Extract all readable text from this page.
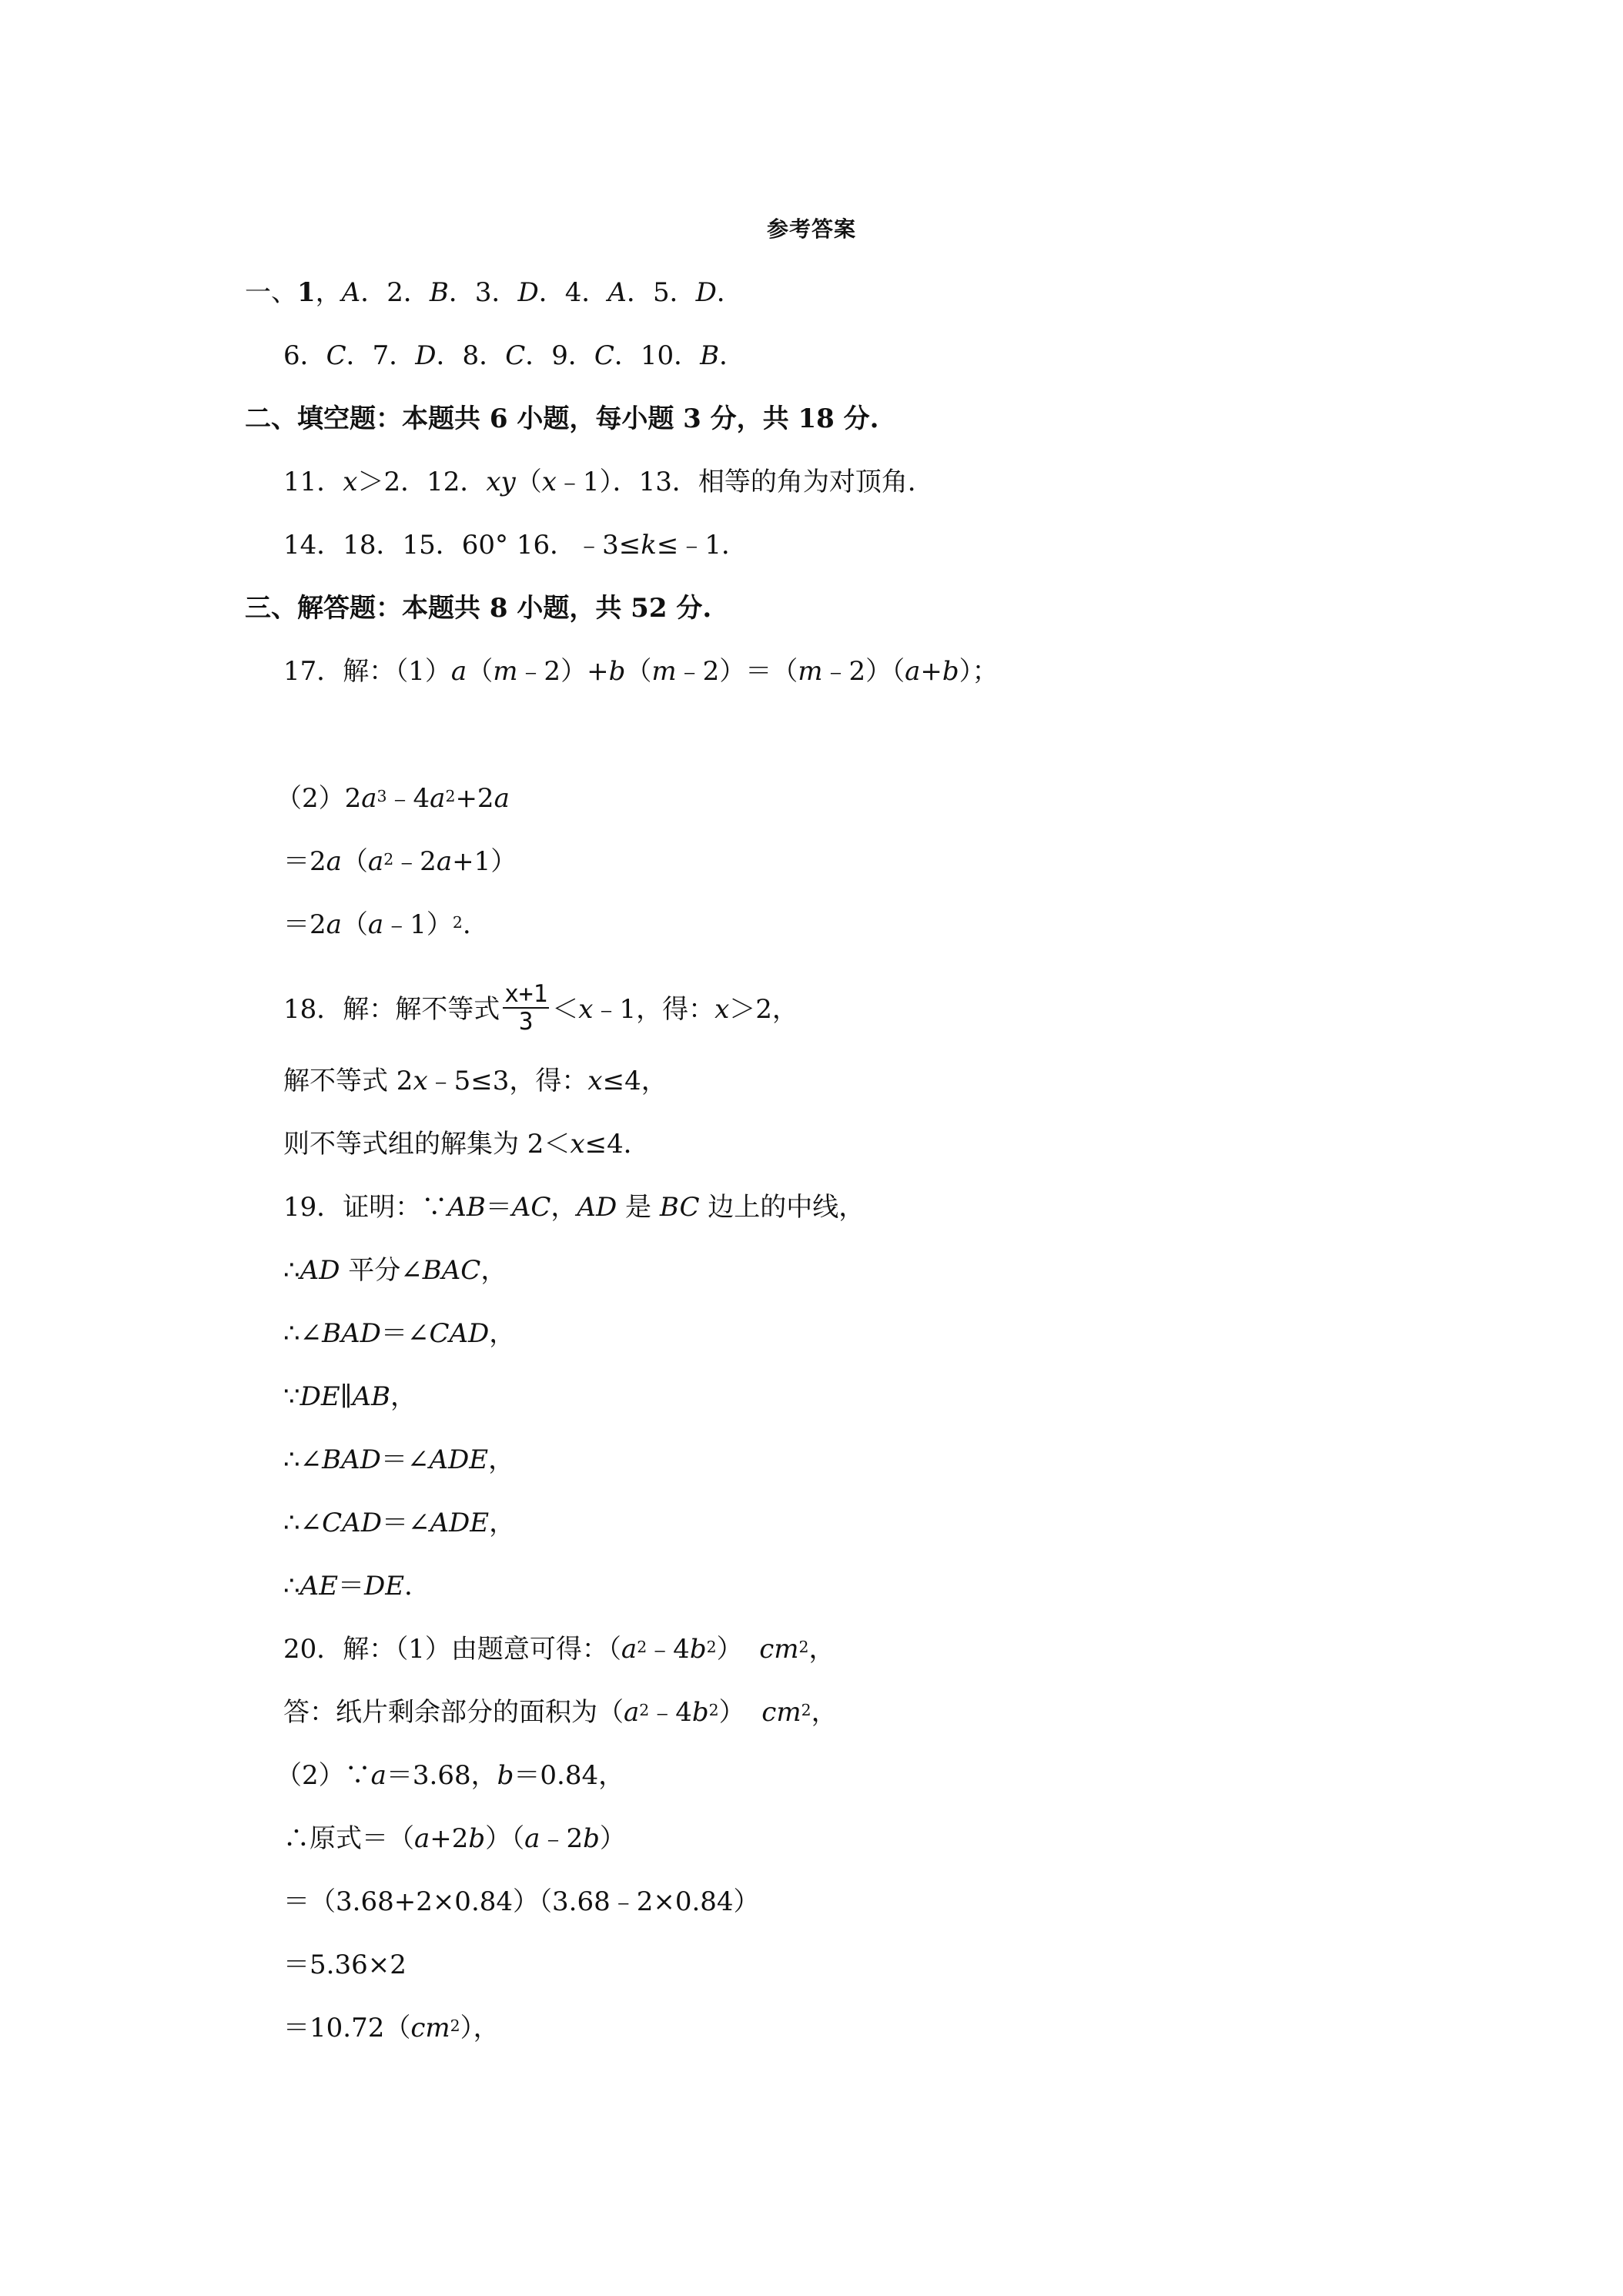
参考答案
一、1，A．2．B．3．D．4．A．5．D．
6．C．7．D．8．C．9．C．10．B．
二、填空题：本题共 6 小题，每小题 3 分，共 18 分.
11．x＞2．12．xy（x﹣1）．13．相等的角为对顶角．
14．18．15．60° 16．﹣3≤k≤﹣1．
三、解答题：本题共 8 小题，共 52 分.
17．解：（1）a（m﹣2）+b（m﹣2）＝（m﹣2）（a+b）；
$(2)2a^3﹣4a^2+2a$
$=2a(a^2﹣2a+1)$
＝2a（a﹣1）$^2$.
18．解：解不等式 $\frac{x+1}{3}$ ＜x﹣1，得：x＞2，
解不等式 2x﹣5≤3，得：x≤4，
则不等式组的解集为 2＜x≤4．
19．证明：∵AB＝AC，AD 是 BC 边上的中线，
∴AD 平分∠BAC，
∴∠BAD＝∠CAD，
∵DE∥AB，
∴∠BAD＝∠ADE，
∴∠CAD＝∠ADE，
∴AE＝DE．
20．解：（1）由题意可得：$(a^2﹣4b^2)$  $cm^2$，
答：纸片剩余部分的面积为$(a^2﹣4b^2)$  $cm^2$，
（2）∵a＝3.68，b＝0.84，
∴原式＝（a+2b）（a﹣2b）
＝（3.68+2×0.84）（3.68﹣2×0.84）
＝5.36×2
$=10.72(cm^2)$，
